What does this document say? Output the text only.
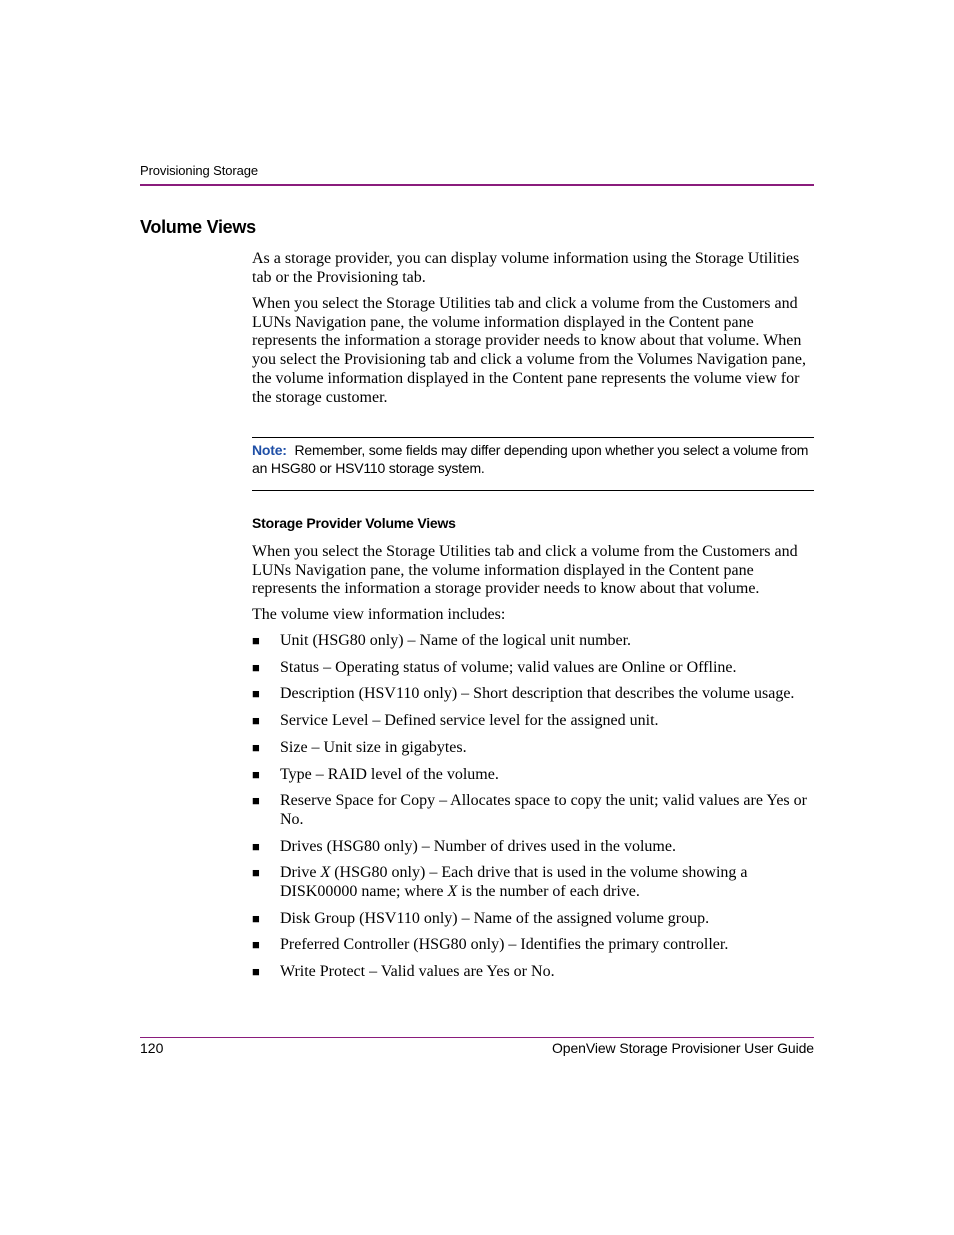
Provisioning Storage
Volume Views

As a storage provider, you can display volume information using the Storage Utilities tab or the Provisioning tab.

When you select the Storage Utilities tab and click a volume from the Customers and LUNs Navigation pane, the volume information displayed in the Content pane represents the information a storage provider needs to know about that volume. When you select the Provisioning tab and click a volume from the Volumes Navigation pane, the volume information displayed in the Content pane represents the volume view for the storage customer.

Note: Remember, some fields may differ depending upon whether you select a volume from an HSG80 or HSV110 storage system.
Storage Provider Volume Views

When you select the Storage Utilities tab and click a volume from the Customers and LUNs Navigation pane, the volume information displayed in the Content pane represents the information a storage provider needs to know about that volume.

The volume view information includes:

■ Unit (HSG80 only) – Name of the logical unit number.
■ Status – Operating status of volume; valid values are Online or Offline.
■ Description (HSV110 only) – Short description that describes the volume usage.
■ Service Level – Defined service level for the assigned unit.
■ Size – Unit size in gigabytes.
■ Type – RAID level of the volume.
■ Reserve Space for Copy – Allocates space to copy the unit; valid values are Yes or No.
■ Drives (HSG80 only) – Number of drives used in the volume.
■ Drive X (HSG80 only) – Each drive that is used in the volume showing a DISK00000 name; where X is the number of each drive.
■ Disk Group (HSV110 only) – Name of the assigned volume group.
■ Preferred Controller (HSG80 only) – Identifies the primary controller.
■ Write Protect – Valid values are Yes or No.
120	OpenView Storage Provisioner User Guide
